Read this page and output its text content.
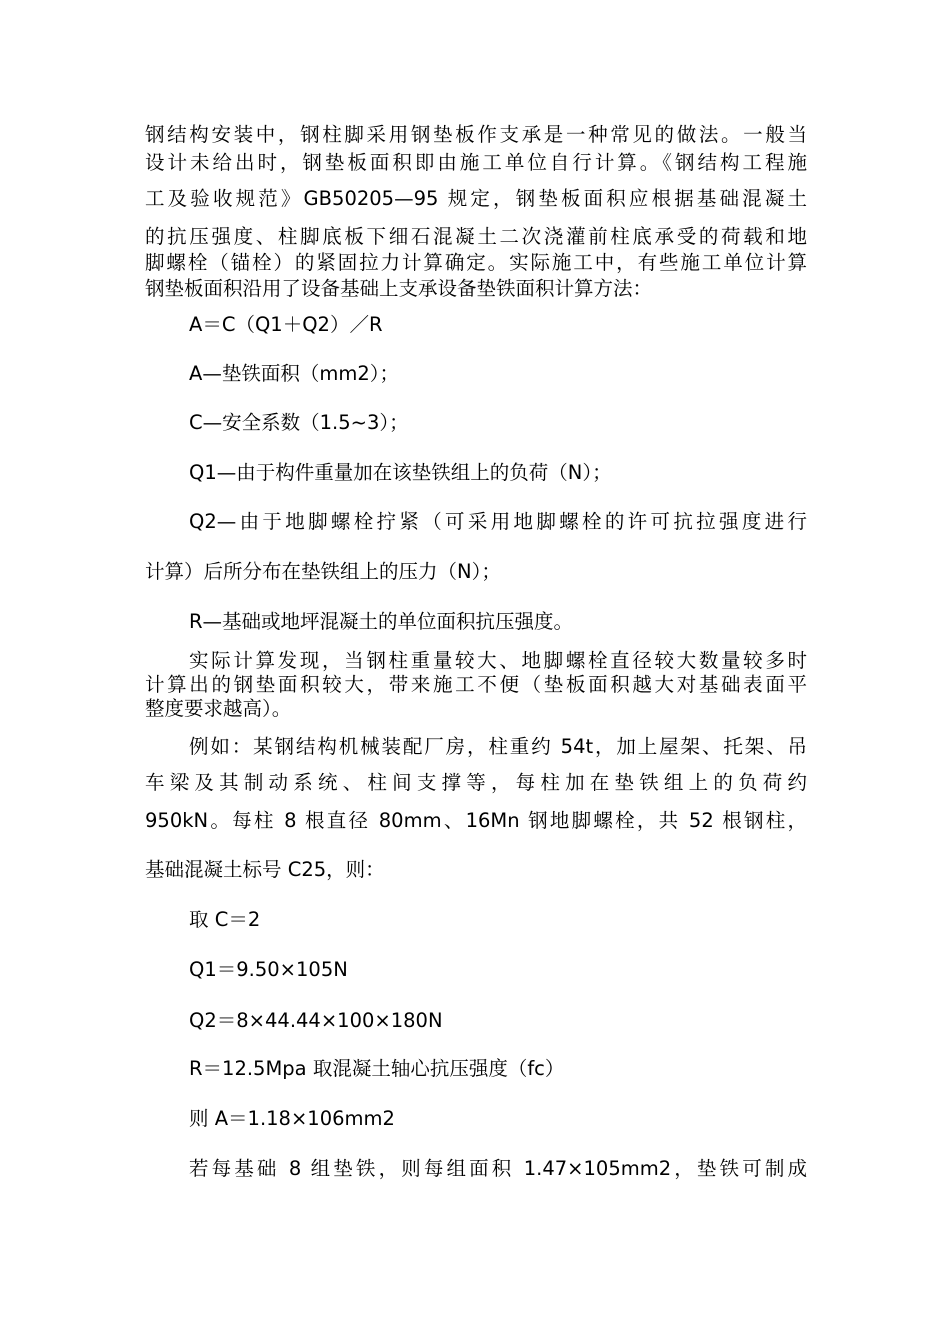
钢结构安装中，钢柱脚采用钢垫板作支承是一种常见的做法。一般当
设计未给出时，钢垫板面积即由施工单位自行计算。《钢结构工程施
工及验收规范》GB50205—95 规定，钢垫板面积应根据基础混凝土
的抗压强度、柱脚底板下细石混凝土二次浇灌前柱底承受的荷载和地
脚螺栓（锚栓）的紧固拉力计算确定。实际施工中，有些施工单位计算
钢垫板面积沿用了设备基础上支承设备垫铁面积计算方法：
A＝C（Q1＋Q2）／R
A—垫铁面积（mm2）；
C—安全系数（1.5~3）；
Q1—由于构件重量加在该垫铁组上的负荷（N）；
Q2—由于地脚螺栓拧紧（可采用地脚螺栓的许可抗拉强度进行
计算）后所分布在垫铁组上的压力（N）；
R—基础或地坪混凝土的单位面积抗压强度。
实际计算发现，当钢柱重量较大、地脚螺栓直径较大数量较多时
计算出的钢垫面积较大，带来施工不便（垫板面积越大对基础表面平
整度要求越高）。
例如：某钢结构机械装配厂房，柱重约 54t，加上屋架、托架、吊
车梁及其制动系统、柱间支撑等，每柱加在垫铁组上的负荷约
950kN。每柱 8 根直径 80mm、16Mn 钢地脚螺栓，共 52 根钢柱，
基础混凝土标号 C25，则：
取 C＝2
Q1＝9.50×105N
Q2＝8×44.44×100×180N
R＝12.5Mpa 取混凝土轴心抗压强度（fc）
则 A＝1.18×106mm2
若每基础 8 组垫铁，则每组面积 1.47×105mm2，垫铁可制成
